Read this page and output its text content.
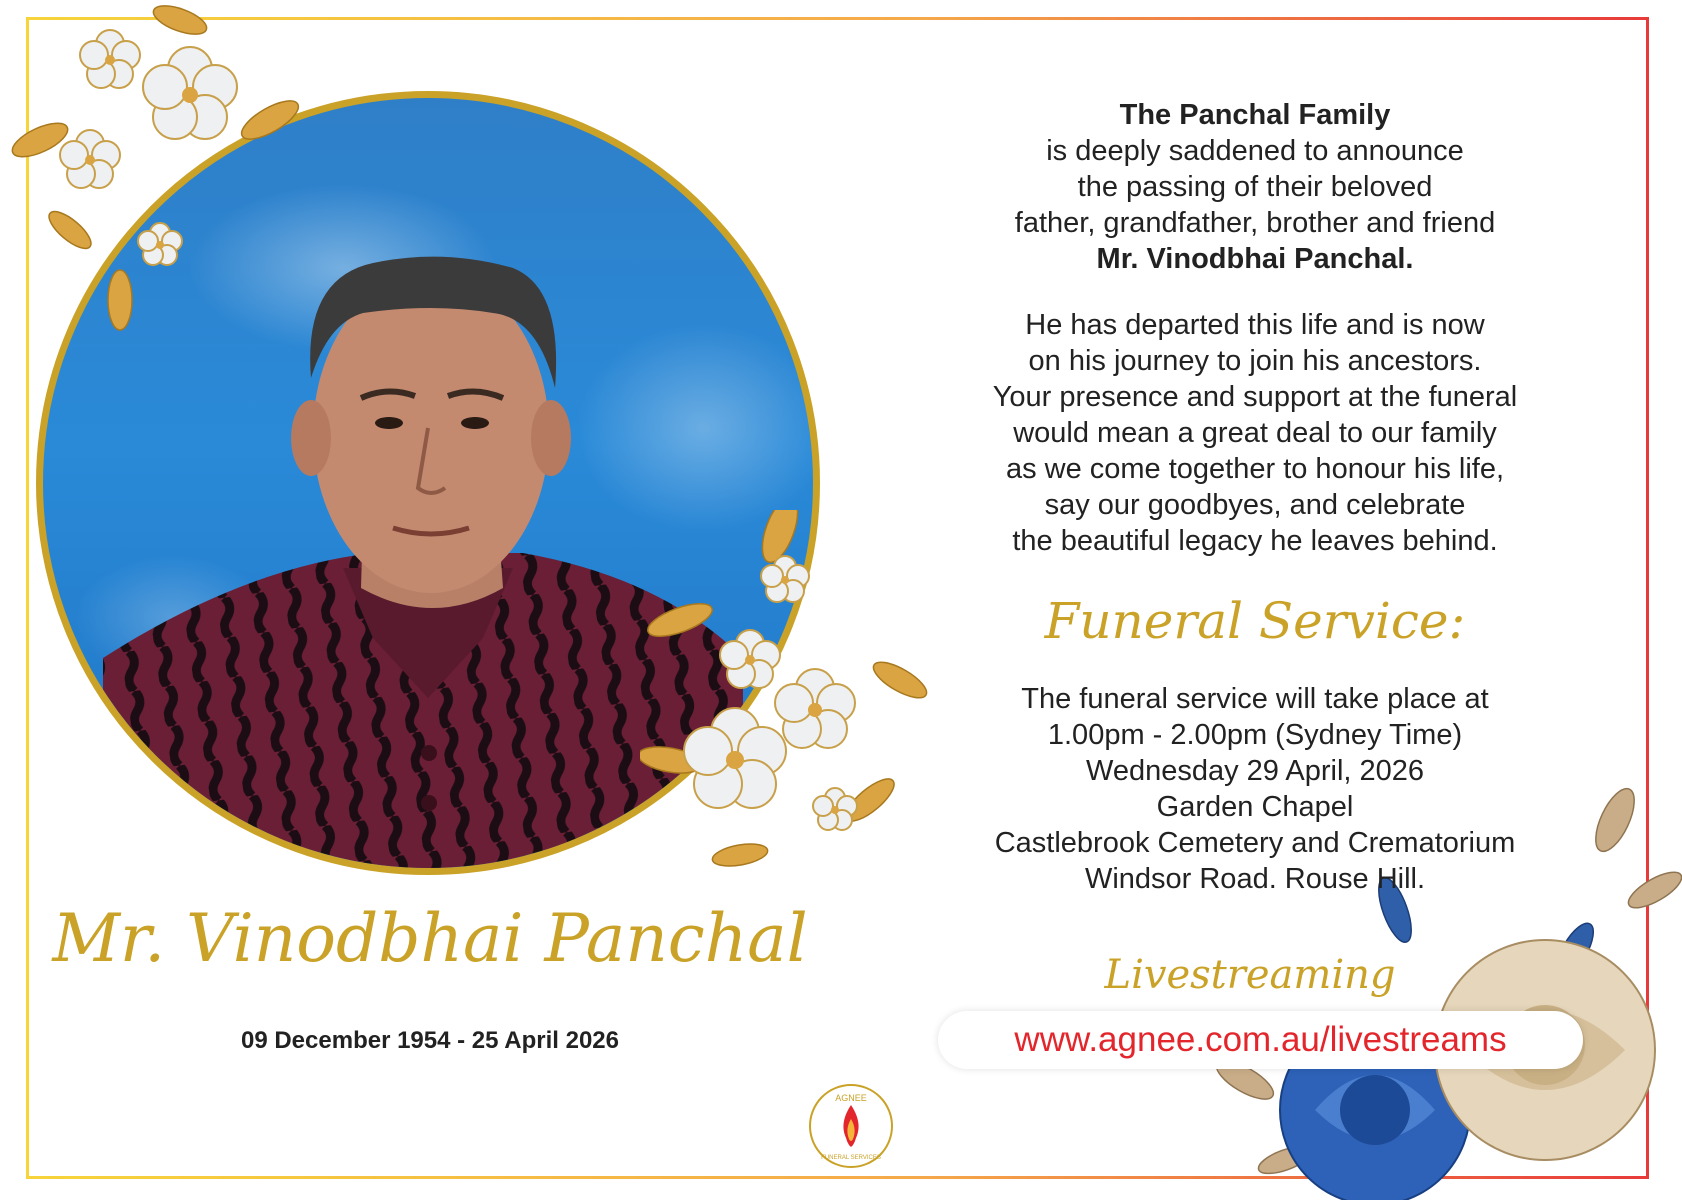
The Panchal Family
is deeply saddened to announce
the passing of their beloved
father, grandfather, brother and friend
Mr. Vinodbhai Panchal.
He has departed this life and is now
on his journey to join his ancestors.
Your presence and support at the funeral
would mean a great deal to our family
as we come together to honour his life,
say our goodbyes, and celebrate
the beautiful legacy he leaves behind.
Funeral Service:
The funeral service will take place at
1.00pm - 2.00pm (Sydney Time)
Wednesday 29 April, 2026
Garden Chapel
Castlebrook Cemetery and Crematorium
Windsor Road. Rouse Hill.
Mr. Vinodbhai Panchal
09 December 1954 - 25 April 2026
Livestreaming
www.agnee.com.au/livestreams
AGNEE
FUNERAL SERVICES
